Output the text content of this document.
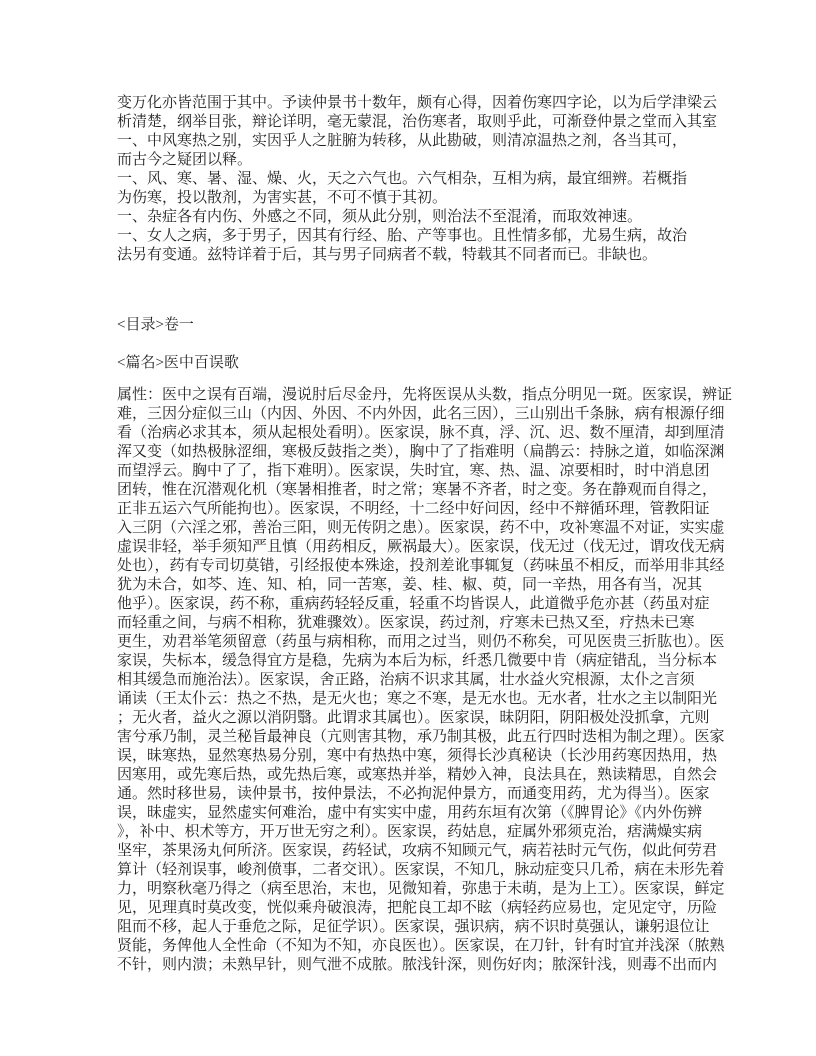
变万化亦皆范围于其中。予读仲景书十数年，颇有心得，因着伤寒四字论，以为后学津梁云
析清楚，纲举目张，辩论详明，毫无蒙混，治伤寒者，取则乎此，可渐登仲景之堂而入其室
一、中风寒热之别，实因乎人之脏腑为转移，从此勘破，则清凉温热之剂，各当其可，
而古今之疑团以释。
一、风、寒、暑、湿、燥、火，天之六气也。六气相杂，互相为病，最宜细辨。若概指
为伤寒，投以散剂，为害实甚，不可不慎于其初。
一、杂症各有内伤、外感之不同，须从此分别，则治法不至混淆，而取效神速。
一、女人之病，多于男子，因其有行经、胎、产等事也。且性情多郁，尤易生病，故治
法另有变通。兹特详着于后，其与男子同病者不载，特载其不同者而已。非缺也。
<目录>卷一
<篇名>医中百误歌
属性：医中之误有百端，漫说肘后尽金丹，先将医误从头数，指点分明见一斑。医家误，辨证
难，三因分症似三山（内因、外因、不内外因，此名三因），三山别出千条脉，病有根源仔细
看（治病必求其本，须从起根处看明）。医家误，脉不真，浮、沉、迟、数不厘清，却到厘清
浑又变（如热极脉涩细，寒极反鼓指之类），胸中了了指难明（扁鹊云：持脉之道，如临深渊
而望浮云。胸中了了，指下难明）。医家误，失时宜，寒、热、温、凉要相时，时中消息团
团转，惟在沉潜观化机（寒暑相推者，时之常；寒暑不齐者，时之变。务在静观而自得之，
正非五运六气所能拘也）。医家误，不明经，十二经中好问因，经中不辩循环理，管教阳证
入三阴（六淫之邪，善治三阳，则无传阴之患）。医家误，药不中，攻补寒温不对证，实实虚
虚误非轻，举手须知严且慎（用药相反，厥祸最大）。医家误，伐无过（伐无过，谓攻伐无病
处也），药有专司切莫错，引经报使本殊途，投剂差讹事辄复（药味虽不相反，而举用非其经
犹为未合，如芩、连、知、柏，同一苦寒，姜、桂、椒、萸，同一辛热，用各有当，况其
他乎）。医家误，药不称，重病药轻轻反重，轻重不均皆误人，此道微乎危亦甚（药虽对症
而轻重之间，与病不相称，犹难骤效）。医家误，药过剂，疗寒未已热又至，疗热未已寒
更生，劝君举笔须留意（药虽与病相称，而用之过当，则仍不称矣，可见医贵三折肱也）。医
家误，失标本，缓急得宜方是稳，先病为本后为标，纤悉几微要中肯（病症错乱，当分标本
相其缓急而施治法）。医家误，舍正路，治病不识求其属，壮水益火究根源，太仆之言须
诵读（王太仆云：热之不热，是无火也；寒之不寒，是无水也。无水者，壮水之主以制阳光
；无火者，益火之源以消阴翳。此谓求其属也）。医家误，昧阴阳，阴阳极处没抓拿，亢则
害兮承乃制，灵兰秘旨最神良（亢则害其物，承乃制其极，此五行四时迭相为制之理）。医家
误，昧寒热，显然寒热易分别，寒中有热热中寒，须得长沙真秘诀（长沙用药寒因热用，热
因寒用，或先寒后热，或先热后寒，或寒热并举，精妙入神，良法具在，熟读精思，自然会
通。然时移世易，读仲景书，按仲景法，不必拘泥仲景方，而通变用药，尤为得当）。医家
误，昧虚实，显然虚实何难治，虚中有实实中虚，用药东垣有次第（《脾胃论》《内外伤辨
》，补中、枳术等方，开万世无穷之利）。医家误，药姑息，症属外邪须克治，痞满燥实病
坚牢，茶果汤丸何所济。医家误，药轻试，攻病不知顾元气，病若祛时元气伤，似此何劳君
算计（轻剂误事，峻剂偾事，二者交讯）。医家误，不知几，脉动症变只几希，病在未形先着
力，明察秋毫乃得之（病至思治，末也，见微知着，弥患于未萌，是为上工）。医家误，鲜定
见，见理真时莫改变，恍似乘舟破浪涛，把舵良工却不眩（病轻药应易也，定见定守，历险
阻而不移，起人于垂危之际，足征学识）。医家误，强识病，病不识时莫强认，谦躬退位让
贤能，务俾他人全性命（不知为不知，亦良医也）。医家误，在刀针，针有时宜并浅深（脓熟
不针，则内溃；未熟早针，则气泄不成脓。脓浅针深，则伤好肉；脓深针浅，则毒不出而内
